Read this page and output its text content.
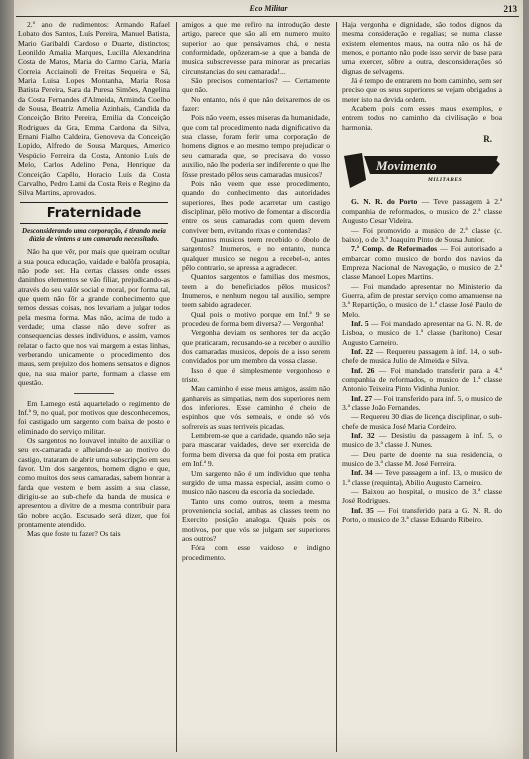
Eco Militar	213

2.º ano de rudimentos: Armando Rafael Lobato dos Santos, Luís Pereira, Manuel Batista, Mario Garibaldi Cardoso e Duarte, distinctos; Leonildo Amalia Marques, Lucilla Alexandrina Costa de Matos, Maria do Carmo Caria, Maria Correia Acciainoli de Freitas Sequeira e Sá, Maria Luisa Lopes Montanha, Maria Rosa Batista Pereira, Sara da Puresa Simões, Angelina da Costa Fernandes d'Almeida, Arminda Coelho de Sousa, Beatriz Amelia Azinhais, Candida da Conceição Brito Pereira, Emilia da Conceição Rodrigues da Gra, Emma Cardona da Silva, Ernani Fialho Caldeira, Genoveva da Conceição Lopido, Alfredo de Sousa Marques, Americo Vespúcio Ferreira da Costa, Antonio Luís de Melo, Carlos Adelino Pena, Henrique da Conceição Capêlo, Horacio Luís da Costa Carvalho, Pedro Lami da Costa Reis e Regino da Silva Martins, aprovados.

Fraternidade
Desconsiderando uma corporação, é tirando meia dúzia de vintens a um camarada necessitado.

Não ha que vêr, por mais que queiram ocultar a sua pouca educação, vaidade e balôfa prosapia, não pode ser. Ha certas classes onde esses daninhos elementos se vão filiar, prejudicando-as através do seu valôr social e moral, por forma tal, que quem não fôr a grande conhecimento que temos dessas coisas, nos levariam a julgar todos pela mesma forma. Mas não, acima de tudo a verdade; uma classe não deve sofrer as consequencias desses individuos, e assim, vamos relatar o facto que nos vai margem a estas linhas, verberando unicamente o procedimento dos maus, sem prejuizo dos homens sensatos e dignos que, na sua maior parte, formam a classe em questão.

Em Lamego está aquartelado o regimento de Inf.ª 9, no qual, por motivos que desconhecemos, foi castigado um sargento com baixa de posto e eliminado do serviço militar.

Os sargentos no louvavel intuito de auxiliar o seu ex-camarada e alheiando-se ao motivo do castigo, trataram de abrir uma subscripção em seu favor. Um dos sargentos, homem digno e que, como muitos dos seus camaradas, sabem honrar a farda que vestem e bem assim a sua classe, dirigiu-se ao sub-chefe da banda de musica e apresentou a divitre de a mesma contribuir para tão nobre acção. Escusado será dizer, que foi prontamente atendido.

Mas que foste tu fazer? Os tais

amigos a que me refiro na introdução deste artigo, parece que são ali em numero muito superior ao que pensávamos chá, e nesta conformidade, opôzeram-se a que a banda de musica subscrevesse para minorar as precarias circunstancias do seu camarada!...

São precisos comentarios? — Certamente que não.

No entanto, nós é que não deixaremos de os fazer:

Pois não veem, esses miseras da humanidade, que com tal procedimento nada dignificativo da sua classe, foram ferir uma corporação de homens dignos e ao mesmo tempo prejudicar o seu camarada que, se precisava do vosso auxilio, não lhe poderia ser indiferente o que lhe fôsse prestado pêlos seus camaradas musicos?

Pois não veem que esse procedimento, quando do conhecimento das autoridades superiores, lhes pode acarretar um castigo disciplinar, pêlo motivo de fomentar a discordia entre os seus camaradas com quem devem conviver bem, evitando rixas e contendas?

Quantos musicos teem recebido o óbolo de sargentos? Inumeros, e no entanto, nunca qualquer musico se negou a recebel-o, antes pêlo contrario, se apressa a agradecer.

Quantos sargentos e familias dos mesmos, teem a do beneficiados pêlos musicos? Inumeros, e nenhum negou tal auxilio, sempre teem sabido agradecer.

Qual pois o motivo porque em Inf.ª 9 se procedeu de forma bem diversa? — Vergonha!

Vergonha deviam os senhores ter da acção que praticaram, recusando-se a receber o auxilio dos camaradas musicos, depois de a isso serem convidados por um membro da vossa classe.

Isso é que é simplesmente vergonhoso e triste.

Mau caminho é esse meus amigos, assim não ganhareis as simpatias, nem dos superiores nem dos inferiores. Esse caminho é cheio de espinhos que vós semeais, e onde só vós sofrereis as suas terriveis picadas.

Lembrem-se que a caridade, quando não seja para mascarar vaidades, deve ser exercida de forma bem diversa da que foi posta em pratica em Inf.ª 9.

Um sargento não é um individuo que tenha surgido de uma massa especial, assim como o musico não nasceu da escoria da sociedade.

Tanto uns como outros, teem a mesma proveniencia social, ambas as classes teem no Exercito posição analoga. Quais pois os motivos, por que vós se julgam ser superiores aos outros?

Fóra com esse vaidoso e indigno procedimento.

Haja vergonha e dignidade, são todos dignos da mesma consideração e regalias; se numa classe existem elementos maus, na outra não os há de menos, e portanto não pode isso servir de base para uma exercer, sôbre a outra, desconsiderações só dignas de selvagens.

Já é tempo de entrarem no bom caminho, sem ser preciso que os seus superiores se vejam obrigados a meter isto na devida ordem.

Acabem pois com esses maus exemplos, e entrem todos no caminho da civilisação e boa harmonia.

R.
Movimento
MILITARES

G. N. R. do Porto — Teve passagem à 2.ª companhia de reformados, o musico de 2.ª classe Augusto Cesar Videira.

— Foi promovido a musico de 2.ª classe (c. baixo), o de 3.ª Joaquim Pinto de Sousa Junior.

7.ª Comp. de Reformados — Foi autorisado a embarcar como musico de bordo dos navios da Empreza Nacional de Navegação, o musico de 2.ª classe Manoel Lopes Martins.

— Foi mandado apresentar no Ministerio da Guerra, afim de prestar serviço como amanuense na 3.ª Repartição, o musico de 1.ª classe José Paulo de Melo.

Inf. 5 — Foi mandado apresentar na G. N. R. de Lisboa, o musico de 1.ª classe (barítono) Cesar Augusto Carneiro.

Inf. 22 — Requereu passagem à inf. 14, o sub-chefe de musica Julio de Almeida e Silva.

Inf. 26 — Foi mandado transferir para a 4.ª companhia de reformados, o musico de 1.ª classe Antonio Teixeira Pinto Vidinha Junior.

Inf. 27 — Foi transferido para inf. 5, o musico de 3.ª classe João Fernandes.

— Requereu 30 dias de licença disciplinar, o sub-chefe de musica José Maria Cordeiro.

Inf. 32 — Desistiu da passagem à inf. 5, o musico de 3.ª classe J. Nunes.

— Deu parte de doente na sua residencia, o musico de 3.ª classe M. José Ferreira.

Inf. 34 — Teve passagem a inf. 13, o musico de 1.ª classe (requinta), Abilio Augusto Carneiro.

— Baixou ao hospital, o musico de 3.ª classe José Rodrigues.

Inf. 35 — Foi transferido para a G. N. R. do Porto, o musico de 3.ª classe Eduardo Ribeiro.
